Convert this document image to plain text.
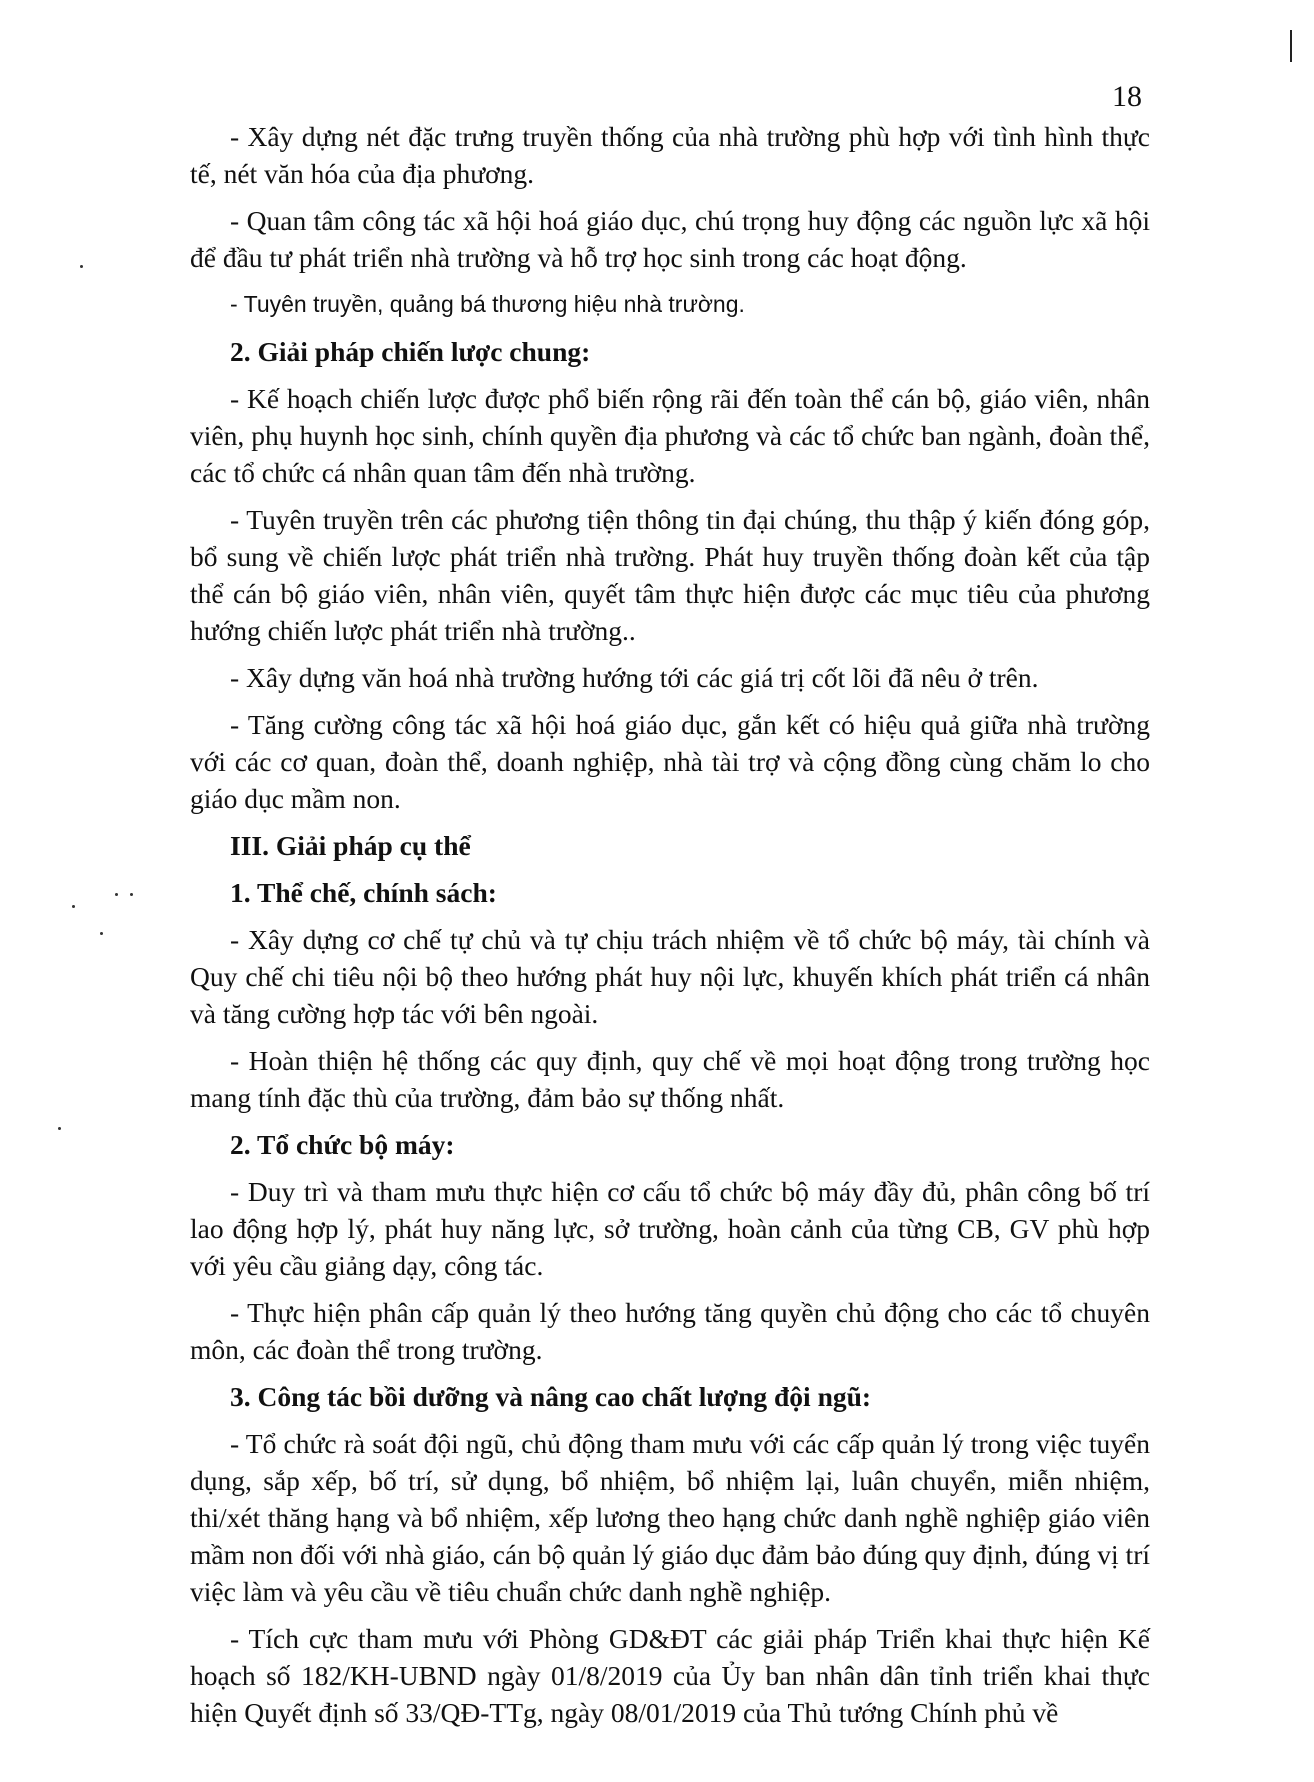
18

- Xây dựng nét đặc trưng truyền thống của nhà trường phù hợp với tình hình thực tế, nét văn hóa của địa phương.

- Quan tâm công tác xã hội hoá giáo dục, chú trọng huy động các nguồn lực xã hội để đầu tư phát triển nhà trường và hỗ trợ học sinh trong các hoạt động.

- Tuyên truyền, quảng bá thương hiệu nhà trường.

2. Giải pháp chiến lược chung:

- Kế hoạch chiến lược được phổ biến rộng rãi đến toàn thể cán bộ, giáo viên, nhân viên, phụ huynh học sinh, chính quyền địa phương và các tổ chức ban ngành, đoàn thể, các tổ chức cá nhân quan tâm đến nhà trường.

- Tuyên truyền trên các phương tiện thông tin đại chúng, thu thập ý kiến đóng góp, bổ sung về chiến lược phát triển nhà trường. Phát huy truyền thống đoàn kết của tập thể cán bộ giáo viên, nhân viên, quyết tâm thực hiện được các mục tiêu của phương hướng chiến lược phát triển nhà trường..

- Xây dựng văn hoá nhà trường hướng tới các giá trị cốt lõi đã nêu ở trên.

- Tăng cường công tác xã hội hoá giáo dục, gắn kết có hiệu quả giữa nhà trường với các cơ quan, đoàn thể, doanh nghiệp, nhà tài trợ và cộng đồng cùng chăm lo cho giáo dục mầm non.

III. Giải pháp cụ thể

1. Thể chế, chính sách:

- Xây dựng cơ chế tự chủ và tự chịu trách nhiệm về tổ chức bộ máy, tài chính và Quy chế chi tiêu nội bộ theo hướng phát huy nội lực, khuyến khích phát triển cá nhân và tăng cường hợp tác với bên ngoài.

- Hoàn thiện hệ thống các quy định, quy chế về mọi hoạt động trong trường học mang tính đặc thù của trường, đảm bảo sự thống nhất.

2. Tổ chức bộ máy:

- Duy trì và tham mưu thực hiện cơ cấu tổ chức bộ máy đầy đủ, phân công bố trí lao động hợp lý, phát huy năng lực, sở trường, hoàn cảnh của từng CB, GV phù hợp với yêu cầu giảng dạy, công tác.

- Thực hiện phân cấp quản lý theo hướng tăng quyền chủ động cho các tổ chuyên môn, các đoàn thể trong trường.

3. Công tác bồi dưỡng và nâng cao chất lượng đội ngũ:

- Tổ chức rà soát đội ngũ, chủ động tham mưu với các cấp quản lý trong việc tuyển dụng, sắp xếp, bố trí, sử dụng, bổ nhiệm, bổ nhiệm lại, luân chuyển, miễn nhiệm, thi/xét thăng hạng và bổ nhiệm, xếp lương theo hạng chức danh nghề nghiệp giáo viên mầm non đối với nhà giáo, cán bộ quản lý giáo dục đảm bảo đúng quy định, đúng vị trí việc làm và yêu cầu về tiêu chuẩn chức danh nghề nghiệp.

- Tích cực tham mưu với Phòng GD&ĐT các giải pháp Triển khai thực hiện Kế hoạch số 182/KH-UBND ngày 01/8/2019 của Ủy ban nhân dân tỉnh triển khai thực hiện Quyết định số 33/QĐ-TTg, ngày 08/01/2019 của Thủ tướng Chính phủ về
